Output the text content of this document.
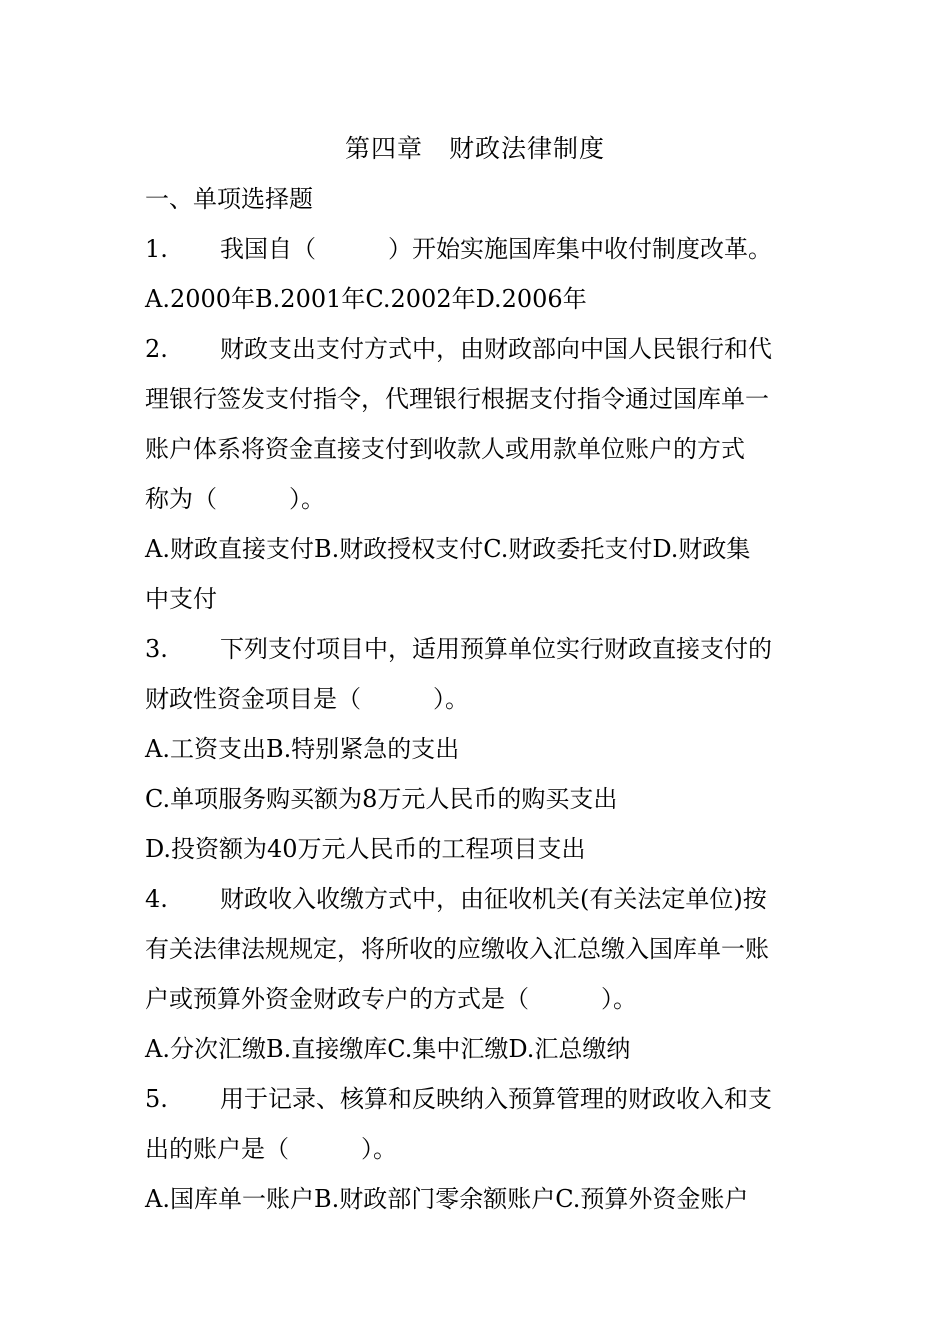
第四章　财政法律制度
一、单项选择题
1. 我国自（　　　）开始实施国库集中收付制度改革。
A.2000年B.2001年C.2002年D.2006年
2. 财政支出支付方式中，由财政部向中国人民银行和代
理银行签发支付指令，代理银行根据支付指令通过国库单一
账户体系将资金直接支付到收款人或用款单位账户的方式
称为（　　　）。
A.财政直接支付B.财政授权支付C.财政委托支付D.财政集
中支付
3. 下列支付项目中，适用预算单位实行财政直接支付的
财政性资金项目是（　　　）。
A.工资支出B.特别紧急的支出
C.单项服务购买额为8万元人民币的购买支出
D.投资额为40万元人民币的工程项目支出
4. 财政收入收缴方式中，由征收机关(有关法定单位)按
有关法律法规规定，将所收的应缴收入汇总缴入国库单一账
户或预算外资金财政专户的方式是（　　　）。
A.分次汇缴B.直接缴库C.集中汇缴D.汇总缴纳
5. 用于记录、核算和反映纳入预算管理的财政收入和支
出的账户是（　　　）。
A.国库单一账户B.财政部门零余额账户C.预算外资金账户
